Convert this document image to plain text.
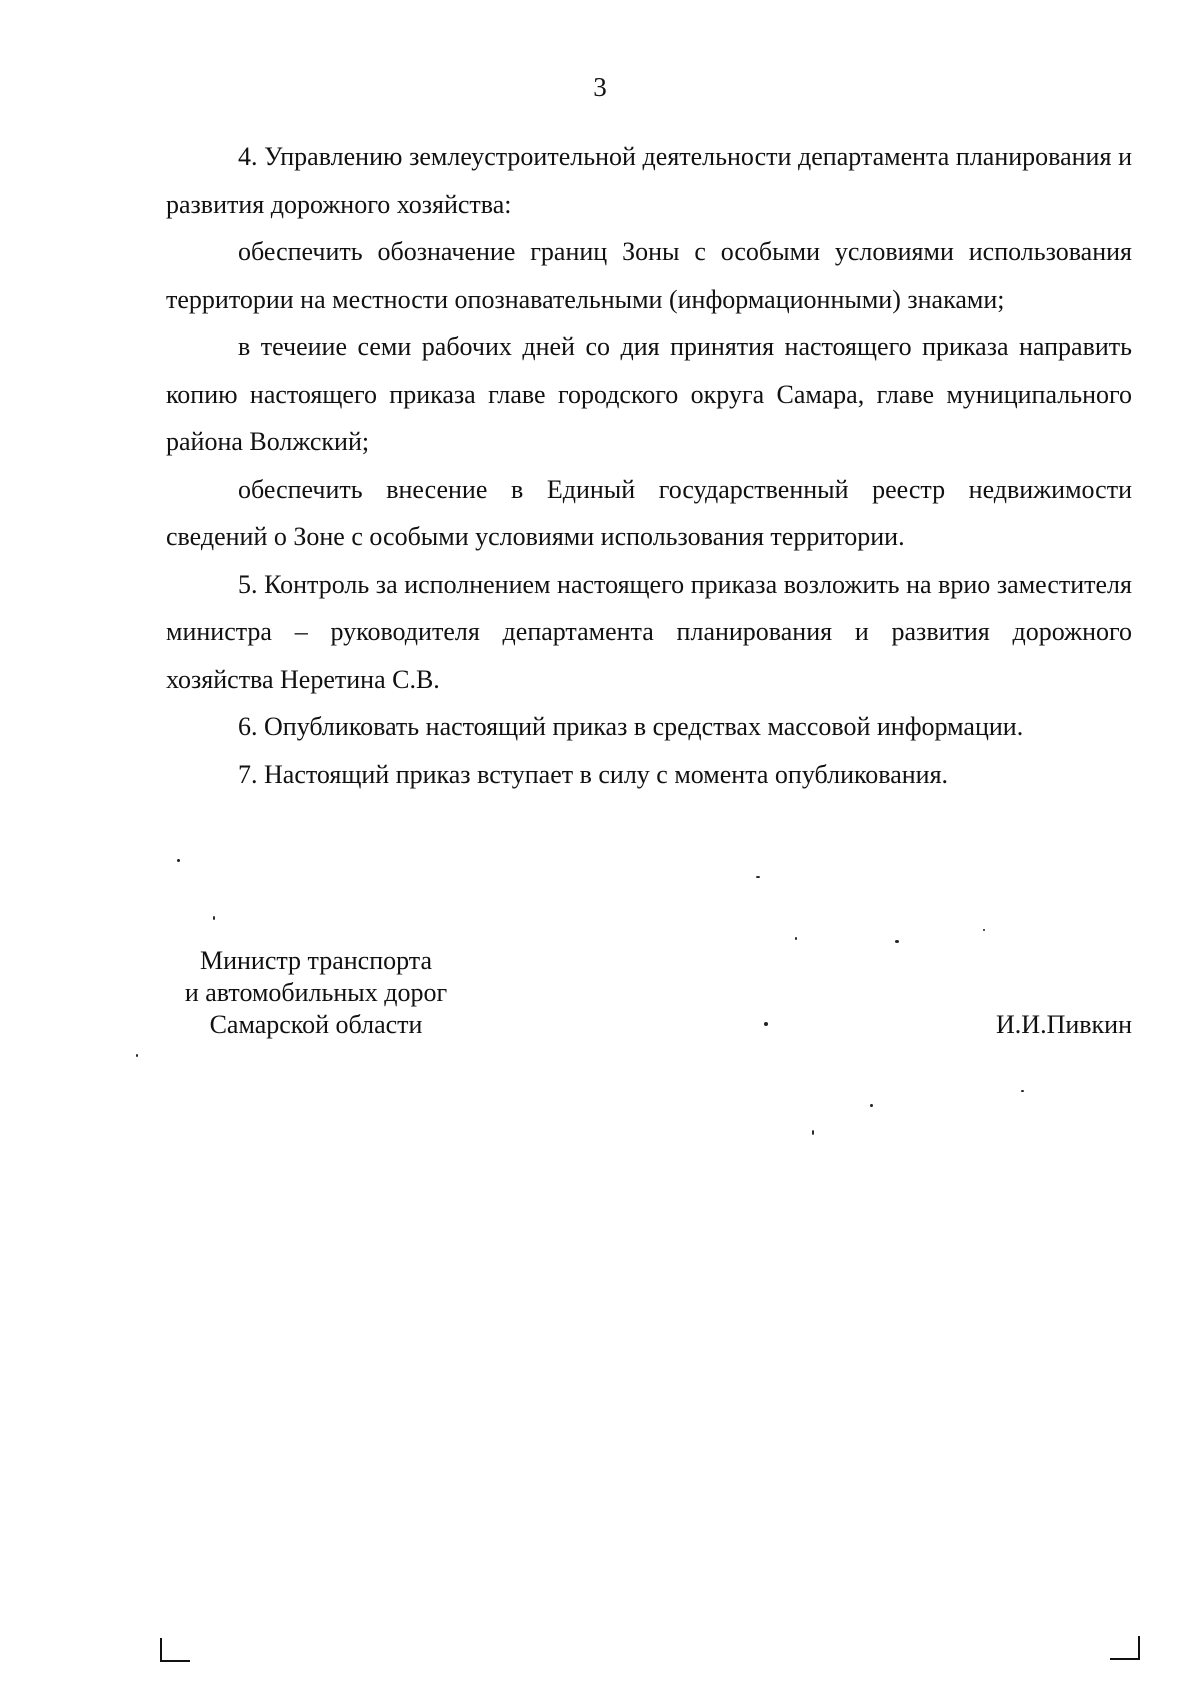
3

4. Управлению землеустроительной деятельности департамента планирования и развития дорожного хозяйства:

обеспечить обозначение границ Зоны с особыми условиями использования территории на местности опознавательными (информационными) знаками;

в течеиие семи рабочих дней со дия принятия настоящего приказа направить копию настоящего приказа главе городского округа Самара, главе муниципального района Волжский;

обеспечить внесение в Единый государственный реестр недвижимости сведений о Зоне с особыми условиями использования территории.

5. Контроль за исполнением настоящего приказа возложить на врио заместителя министра – руководителя департамента планирования и развития дорожного хозяйства Неретина С.В.

6. Опубликовать настоящий приказ в средствах массовой информации.

7. Настоящий приказ вступает в силу с момента опубликования.

Министр транспорта
и автомобильных дорог
Самарской области	И.И.Пивкин
